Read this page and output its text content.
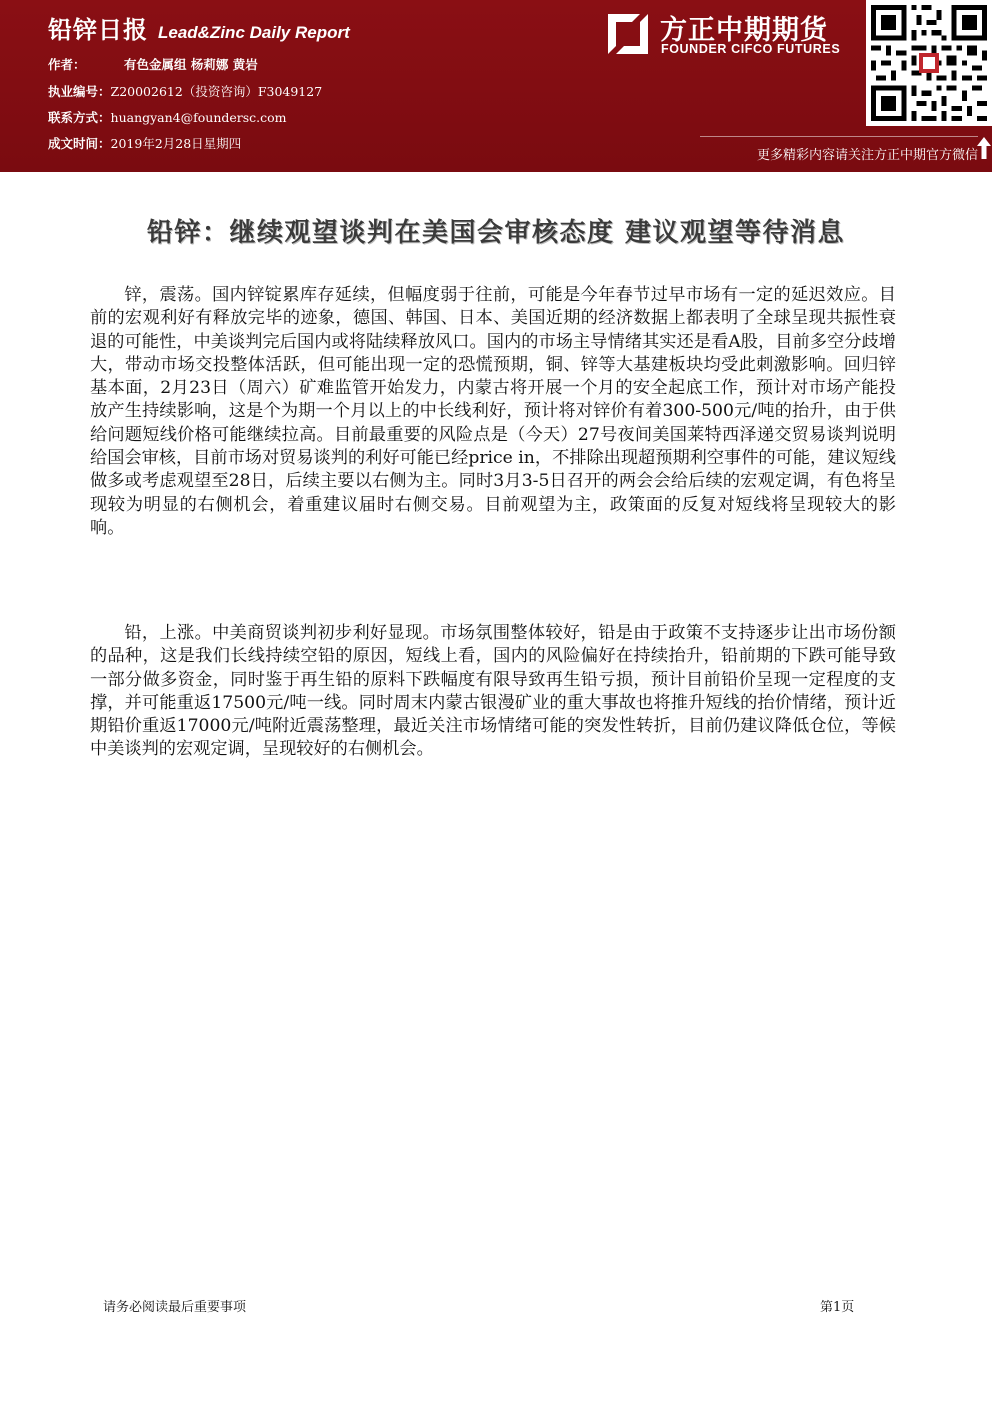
铅锌日报 Lead&Zinc Daily Report
作者：	有色金属组 杨莉娜 黄岩
执业编号：Z20002612（投资咨询）F3049127
联系方式：huangyan4@foundersc.com
成文时间：2019年2月28日星期四
方正中期期货
FOUNDER CIFCO FUTURES
更多精彩内容请关注方正中期官方微信
铅锌：继续观望谈判在美国会审核态度 建议观望等待消息

锌，震荡。国内锌锭累库存延续，但幅度弱于往前，可能是今年春节过早市场有一定的延迟效应。目前的宏观利好有释放完毕的迹象，德国、韩国、日本、美国近期的经济数据上都表明了全球呈现共振性衰退的可能性，中美谈判完后国内或将陆续释放风口。国内的市场主导情绪其实还是看A股，目前多空分歧增大，带动市场交投整体活跃，但可能出现一定的恐慌预期，铜、锌等大基建板块均受此刺激影响。回归锌基本面，2月23日（周六）矿难监管开始发力，内蒙古将开展一个月的安全起底工作，预计对市场产能投放产生持续影响，这是个为期一个月以上的中长线利好，预计将对锌价有着300-500元/吨的抬升，由于供给问题短线价格可能继续拉高。目前最重要的风险点是（今天）27号夜间美国莱特西泽递交贸易谈判说明给国会审核，目前市场对贸易谈判的利好可能已经price in，不排除出现超预期利空事件的可能，建议短线做多或考虑观望至28日，后续主要以右侧为主。同时3月3-5日召开的两会会给后续的宏观定调，有色将呈现较为明显的右侧机会，着重建议届时右侧交易。目前观望为主，政策面的反复对短线将呈现较大的影响。

铅，上涨。中美商贸谈判初步利好显现。市场氛围整体较好，铅是由于政策不支持逐步让出市场份额的品种，这是我们长线持续空铅的原因，短线上看，国内的风险偏好在持续抬升，铅前期的下跌可能导致一部分做多资金，同时鉴于再生铅的原料下跌幅度有限导致再生铅亏损，预计目前铅价呈现一定程度的支撑，并可能重返17500元/吨一线。同时周末内蒙古银漫矿业的重大事故也将推升短线的抬价情绪，预计近期铅价重返17000元/吨附近震荡整理，最近关注市场情绪可能的突发性转折，目前仍建议降低仓位，等候中美谈判的宏观定调，呈现较好的右侧机会。

请务必阅读最后重要事项	第1页
